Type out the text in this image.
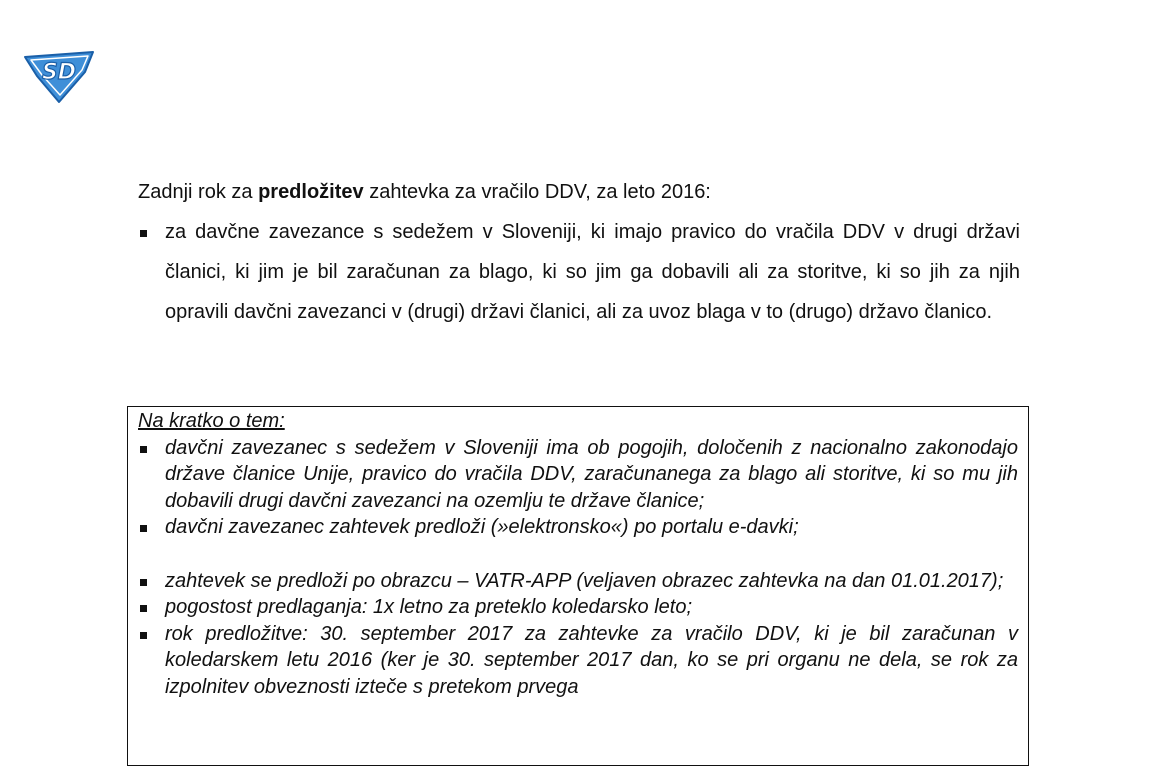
SD
Zadnji rok za predložitev zahtevka za vračilo DDV, za leto 2016:
za davčne zavezance s sedežem v Sloveniji, ki imajo pravico do vračila DDV v drugi državi članici, ki jim je bil zaračunan za blago, ki so jim ga dobavili ali za storitve, ki so jih za njih opravili davčni zavezanci v (drugi) državi članici, ali za uvoz blaga v to (drugo) državo članico.
Na kratko o tem:
davčni zavezanec s sedežem v Sloveniji ima ob pogojih, določenih z nacionalno zakonodajo države članice Unije, pravico do vračila DDV, zaračunanega za blago ali storitve, ki so mu jih dobavili drugi davčni zavezanci na ozemlju te države članice;
davčni zavezanec zahtevek predloži (»elektronsko«) po portalu e-davki;
zahtevek se predloži po obrazcu – VATR-APP (veljaven obrazec zahtevka na dan 01.01.2017);
pogostost predlaganja: 1x letno za preteklo koledarsko leto;
rok predložitve: 30. september 2017 za zahtevke za vračilo DDV, ki je bil zaračunan v koledarskem letu 2016 (ker je 30. september 2017 dan, ko se pri organu ne dela, se rok za izpolnitev obveznosti izteče s pretekom prvega
